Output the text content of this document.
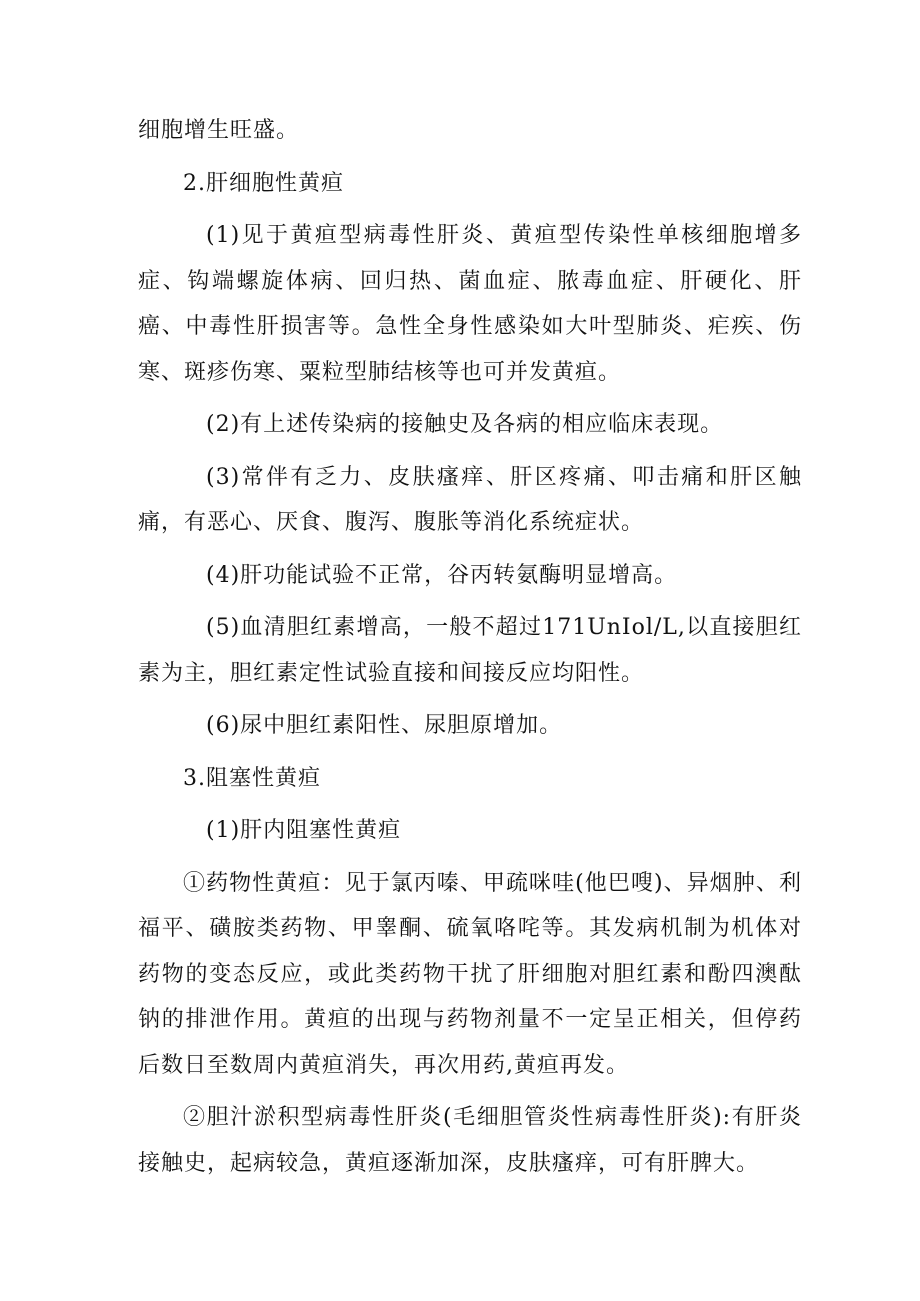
细胞增生旺盛。

2.肝细胞性黄疸

(1)见于黄疸型病毒性肝炎、黄疸型传染性单核细胞增多症、钩端螺旋体病、回归热、菌血症、脓毒血症、肝硬化、肝癌、中毒性肝损害等。急性全身性感染如大叶型肺炎、疟疾、伤寒、斑疹伤寒、粟粒型肺结核等也可并发黄疸。

(2)有上述传染病的接触史及各病的相应临床表现。

(3)常伴有乏力、皮肤瘙痒、肝区疼痛、叩击痛和肝区触痛，有恶心、厌食、腹泻、腹胀等消化系统症状。

(4)肝功能试验不正常，谷丙转氨酶明显增高。

(5)血清胆红素增高，一般不超过171UnIol/L,以直接胆红素为主，胆红素定性试验直接和间接反应均阳性。

(6)尿中胆红素阳性、尿胆原增加。

3.阻塞性黄疸

(1)肝内阻塞性黄疸

①药物性黄疸：见于氯丙嗪、甲疏咪哇(他巴嗖)、异烟肿、利福平、磺胺类药物、甲睾酮、硫氧咯咤等。其发病机制为机体对药物的变态反应，或此类药物干扰了肝细胞对胆红素和酚四澳酞钠的排泄作用。黄疸的出现与药物剂量不一定呈正相关，但停药后数日至数周内黄疸消失，再次用药,黄疸再发。

②胆汁淤积型病毒性肝炎(毛细胆管炎性病毒性肝炎):有肝炎接触史，起病较急，黄疸逐渐加深，皮肤瘙痒，可有肝脾大。
